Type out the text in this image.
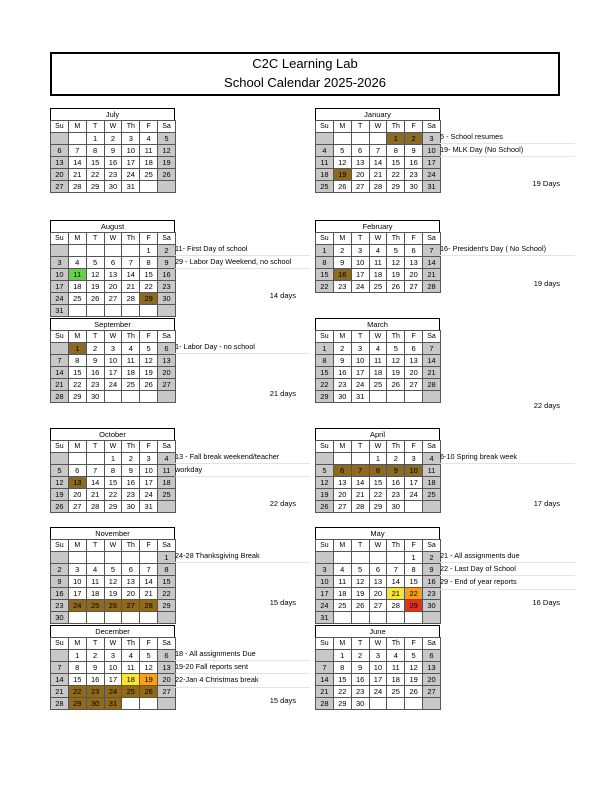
C2C Learning Lab
School Calendar 2025-2026
July
Su	M	T	W	Th	F	Sa
		1	2	3	4	5
6	7	8	9	10	11	12
13	14	15	16	17	18	19
20	21	22	23	24	25	26
27	28	29	30	31		
August
Su	M	T	W	Th	F	Sa
					1	2
3	4	5	6	7	8	9
10	11	12	13	14	15	16
17	18	19	20	21	22	23
24	25	26	27	28	29	30
31						
11- First Day of school
29 - Labor Day Weekend, no school
14 days
September
Su	M	T	W	Th	F	Sa
	1	2	3	4	5	6
7	8	9	10	11	12	13
14	15	16	17	18	19	20
21	22	23	24	25	26	27
28	29	30				
1- Labor Day - no school
21 days
October
Su	M	T	W	Th	F	Sa
			1	2	3	4
5	6	7	8	9	10	11
12	13	14	15	16	17	18
19	20	21	22	23	24	25
26	27	28	29	30	31	
13 - Fall break weekend/teacher
workday
22 days
November
Su	M	T	W	Th	F	Sa
						1
2	3	4	5	6	7	8
9	10	11	12	13	14	15
16	17	18	19	20	21	22
23	24	25	26	27	28	29
30						
24-28 Thanksgiving Break
15 days
December
Su	M	T	W	Th	F	Sa
	1	2	3	4	5	6
7	8	9	10	11	12	13
14	15	16	17	18	19	20
21	22	23	24	25	26	27
28	29	30	31			
18 - All assignments Due
19-20 Fall reports sent
22-Jan 4 Christmas break
15 days
January
Su	M	T	W	Th	F	Sa
				1	2	3
4	5	6	7	8	9	10
11	12	13	14	15	16	17
18	19	20	21	22	23	24
25	26	27	28	29	30	31
5 - School resumes
19- MLK Day (No School)
19 Days
February
Su	M	T	W	Th	F	Sa
1	2	3	4	5	6	7
8	9	10	11	12	13	14
15	16	17	18	19	20	21
22	23	24	25	26	27	28
16- President's Day ( No School)
19 days
March
Su	M	T	W	Th	F	Sa
1	2	3	4	5	6	7
8	9	10	11	12	13	14
15	16	17	18	19	20	21
22	23	24	25	26	27	28
29	30	31				
22 days
April
Su	M	T	W	Th	F	Sa
			1	2	3	4
5	6	7	8	9	10	11
12	13	14	15	16	17	18
19	20	21	22	23	24	25
26	27	28	29	30		
6-10 Spring break week
17 days
May
Su	M	T	W	Th	F	Sa
					1	2
3	4	5	6	7	8	9
10	11	12	13	14	15	16
17	18	19	20	21	22	23
24	25	26	27	28	29	30
31						
21 - All assignments due
22 - Last Day of School
29 - End of year reports
16 Days
June
Su	M	T	W	Th	F	Sa
	1	2	3	4	5	6
7	8	9	10	11	12	13
14	15	16	17	18	19	20
21	22	23	24	25	26	27
28	29	30				
